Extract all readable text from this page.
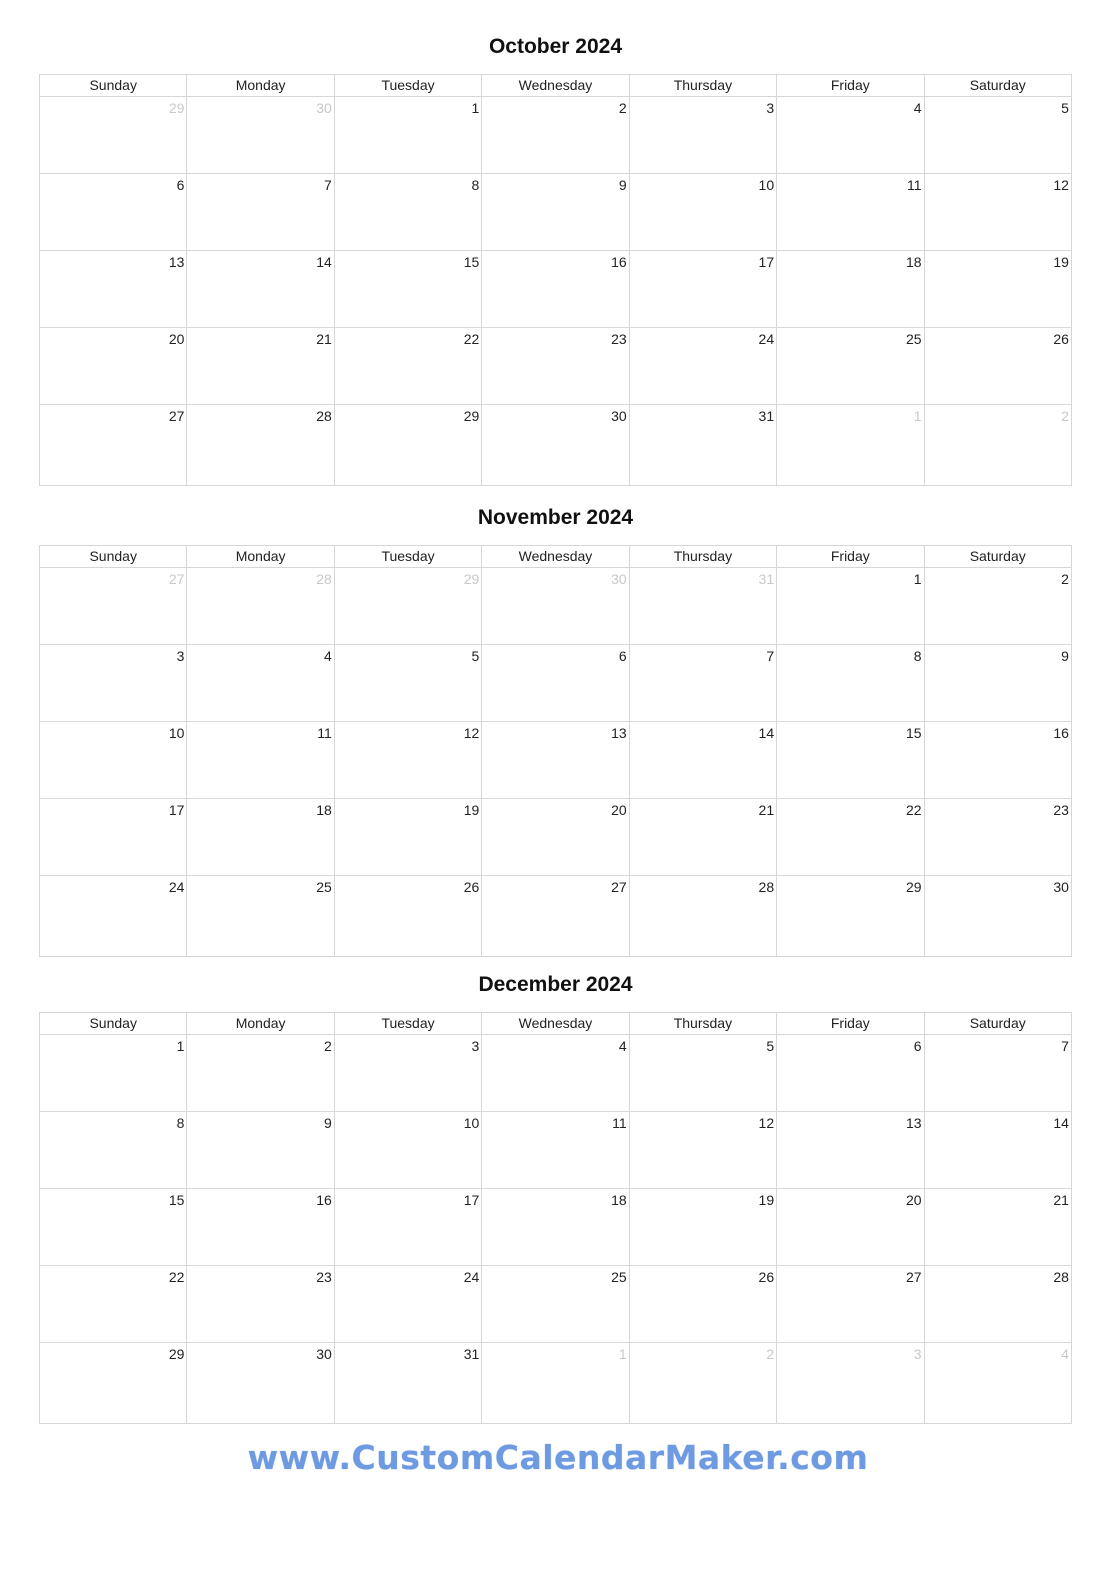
October 2024
Sunday	Monday	Tuesday	Wednesday	Thursday	Friday	Saturday
29	30	1	2	3	4	5
6	7	8	9	10	11	12
13	14	15	16	17	18	19
20	21	22	23	24	25	26
27	28	29	30	31	1	2
November 2024
Sunday	Monday	Tuesday	Wednesday	Thursday	Friday	Saturday
27	28	29	30	31	1	2
3	4	5	6	7	8	9
10	11	12	13	14	15	16
17	18	19	20	21	22	23
24	25	26	27	28	29	30
December 2024
Sunday	Monday	Tuesday	Wednesday	Thursday	Friday	Saturday
1	2	3	4	5	6	7
8	9	10	11	12	13	14
15	16	17	18	19	20	21
22	23	24	25	26	27	28
29	30	31	1	2	3	4
www.CustomCalendarMaker.com
